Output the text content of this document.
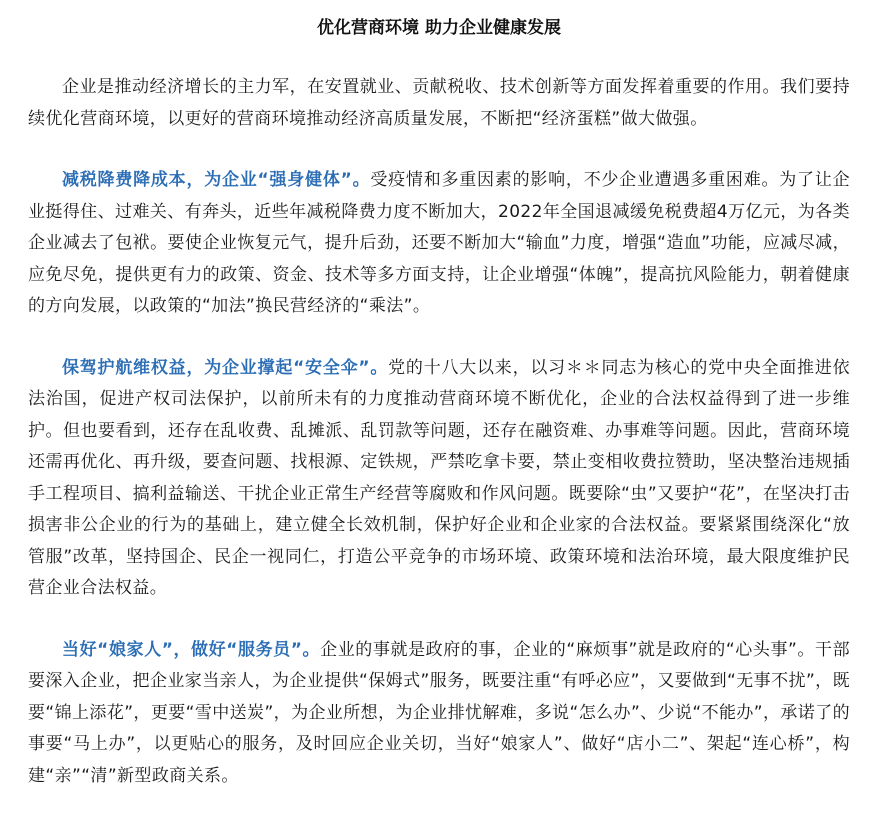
优化营商环境 助力企业健康发展

企业是推动经济增长的主力军，在安置就业、贡献税收、技术创新等方面发挥着重要的作用。我们要持续优化营商环境，以更好的营商环境推动经济高质量发展，不断把“经济蛋糕”做大做强。

减税降费降成本，为企业“强身健体”。受疫情和多重因素的影响，不少企业遭遇多重困难。为了让企业挺得住、过难关、有奔头，近些年减税降费力度不断加大，2022年全国退减缓免税费超4万亿元，为各类企业减去了包袱。要使企业恢复元气，提升后劲，还要不断加大“输血”力度，增强“造血”功能，应减尽减，应免尽免，提供更有力的政策、资金、技术等多方面支持，让企业增强“体魄”，提高抗风险能力，朝着健康的方向发展，以政策的“加法”换民营经济的“乘法”。

保驾护航维权益，为企业撑起“安全伞”。党的十八大以来，以习＊＊同志为核心的党中央全面推进依法治国，促进产权司法保护，以前所未有的力度推动营商环境不断优化，企业的合法权益得到了进一步维护。但也要看到，还存在乱收费、乱摊派、乱罚款等问题，还存在融资难、办事难等问题。因此，营商环境还需再优化、再升级，要查问题、找根源、定铁规，严禁吃拿卡要，禁止变相收费拉赞助，坚决整治违规插手工程项目、搞利益输送、干扰企业正常生产经营等腐败和作风问题。既要除“虫”又要护“花”，在坚决打击损害非公企业的行为的基础上，建立健全长效机制，保护好企业和企业家的合法权益。要紧紧围绕深化“放管服”改革，坚持国企、民企一视同仁，打造公平竞争的市场环境、政策环境和法治环境，最大限度维护民营企业合法权益。

当好“娘家人”，做好“服务员”。企业的事就是政府的事，企业的“麻烦事”就是政府的“心头事”。干部要深入企业，把企业家当亲人，为企业提供“保姆式”服务，既要注重“有呼必应”，又要做到“无事不扰”，既要“锦上添花”，更要“雪中送炭”，为企业所想，为企业排忧解难，多说“怎么办”、少说“不能办”，承诺了的事要“马上办”，以更贴心的服务，及时回应企业关切，当好“娘家人”、做好“店小二”、架起“连心桥”，构建“亲”“清”新型政商关系。
